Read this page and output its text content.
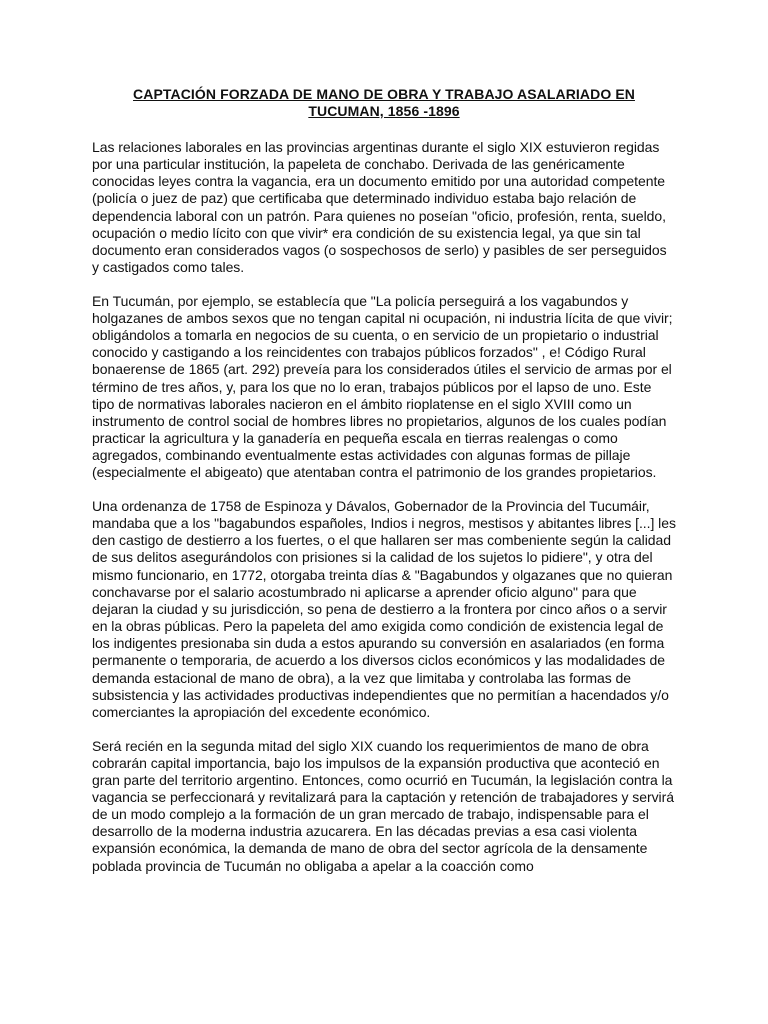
CAPTACIÓN FORZADA DE MANO DE OBRA Y TRABAJO ASALARIADO EN
TUCUMAN, 1856 -1896

Las relaciones laborales en las provincias argentinas durante el siglo XIX estuvieron regidas por una particular institución, la papeleta de conchabo. Derivada de las genéricamente conocidas leyes contra la vagancia, era un documento emitido por una autoridad competente (policía o juez de paz) que certificaba que determinado individuo estaba bajo relación de dependencia laboral con un patrón. Para quienes no poseían "oficio, profesión, renta, sueldo, ocupación o medio lícito con que vivir* era condición de su existencia legal, ya que sin tal documento eran considerados vagos (o sospechosos de serlo) y pasibles de ser perseguidos y castigados como tales.

En Tucumán, por ejemplo, se establecía que "La policía perseguirá a los vagabundos y holgazanes de ambos sexos que no tengan capital ni ocupación, ni industria lícita de que vivir; obligándolos a tomarla en negocios de su cuenta, o en servicio de un propietario o industrial conocido y castigando a los reincidentes con trabajos públicos forzados" , e! Código Rural bonaerense de 1865 (art. 292) preveía para los considerados útiles el servicio de armas por el término de tres años, y, para los que no lo eran, trabajos públicos por el lapso de uno. Este tipo de normativas laborales nacieron en el ámbito rioplatense en el siglo XVIII como un instrumento de control social de hombres libres no propietarios, algunos de los cuales podían practicar la agricultura y la ganadería en pequeña escala en tierras realengas o como agregados, combinando eventualmente estas actividades con algunas formas de pillaje (especialmente el abigeato) que atentaban contra el patrimonio de los grandes propietarios.

Una ordenanza de 1758 de Espinoza y Dávalos, Gobernador de la Provincia del Tucumáir, mandaba que a los "bagabundos españoles, Indios i negros, mestisos y abitantes libres [...] les den castigo de destierro a los fuertes, o el que hallaren ser mas combeniente según la calidad de sus delitos asegurándolos con prisiones si la calidad de los sujetos lo pidiere", y otra del mismo funcionario, en 1772, otorgaba treinta días & "Bagabundos y olgazanes que no quieran conchavarse por el salario acostumbrado ni aplicarse a aprender oficio alguno" para que dejaran la ciudad y su jurisdicción, so pena de destierro a la frontera por cinco años o a servir en la obras públicas. Pero la papeleta del amo exigida como condición de existencia legal de los indigentes presionaba sin duda a estos apurando su conversión en asalariados (en forma permanente o temporaria, de acuerdo a los diversos ciclos económicos y las modalidades de demanda estacional de mano de obra), a la vez que limitaba y controlaba las formas de subsistencia y las actividades productivas independientes que no permitían a hacendados y/o comerciantes la apropiación del excedente económico.

Será recién en la segunda mitad del siglo XIX cuando los requerimientos de mano de obra cobrarán capital importancia, bajo los impulsos de la expansión productiva que aconteció en gran parte del territorio argentino. Entonces, como ocurrió en Tucumán, la legislación contra la vagancia se perfeccionará y revitalizará para la captación y retención de trabajadores y servirá de un modo complejo a la formación de un gran mercado de trabajo, indispensable para el desarrollo de la moderna industria azucarera. En las décadas previas a esa casi violenta expansión económica, la demanda de mano de obra del sector agrícola de la densamente poblada provincia de Tucumán no obligaba a apelar a la coacción como
